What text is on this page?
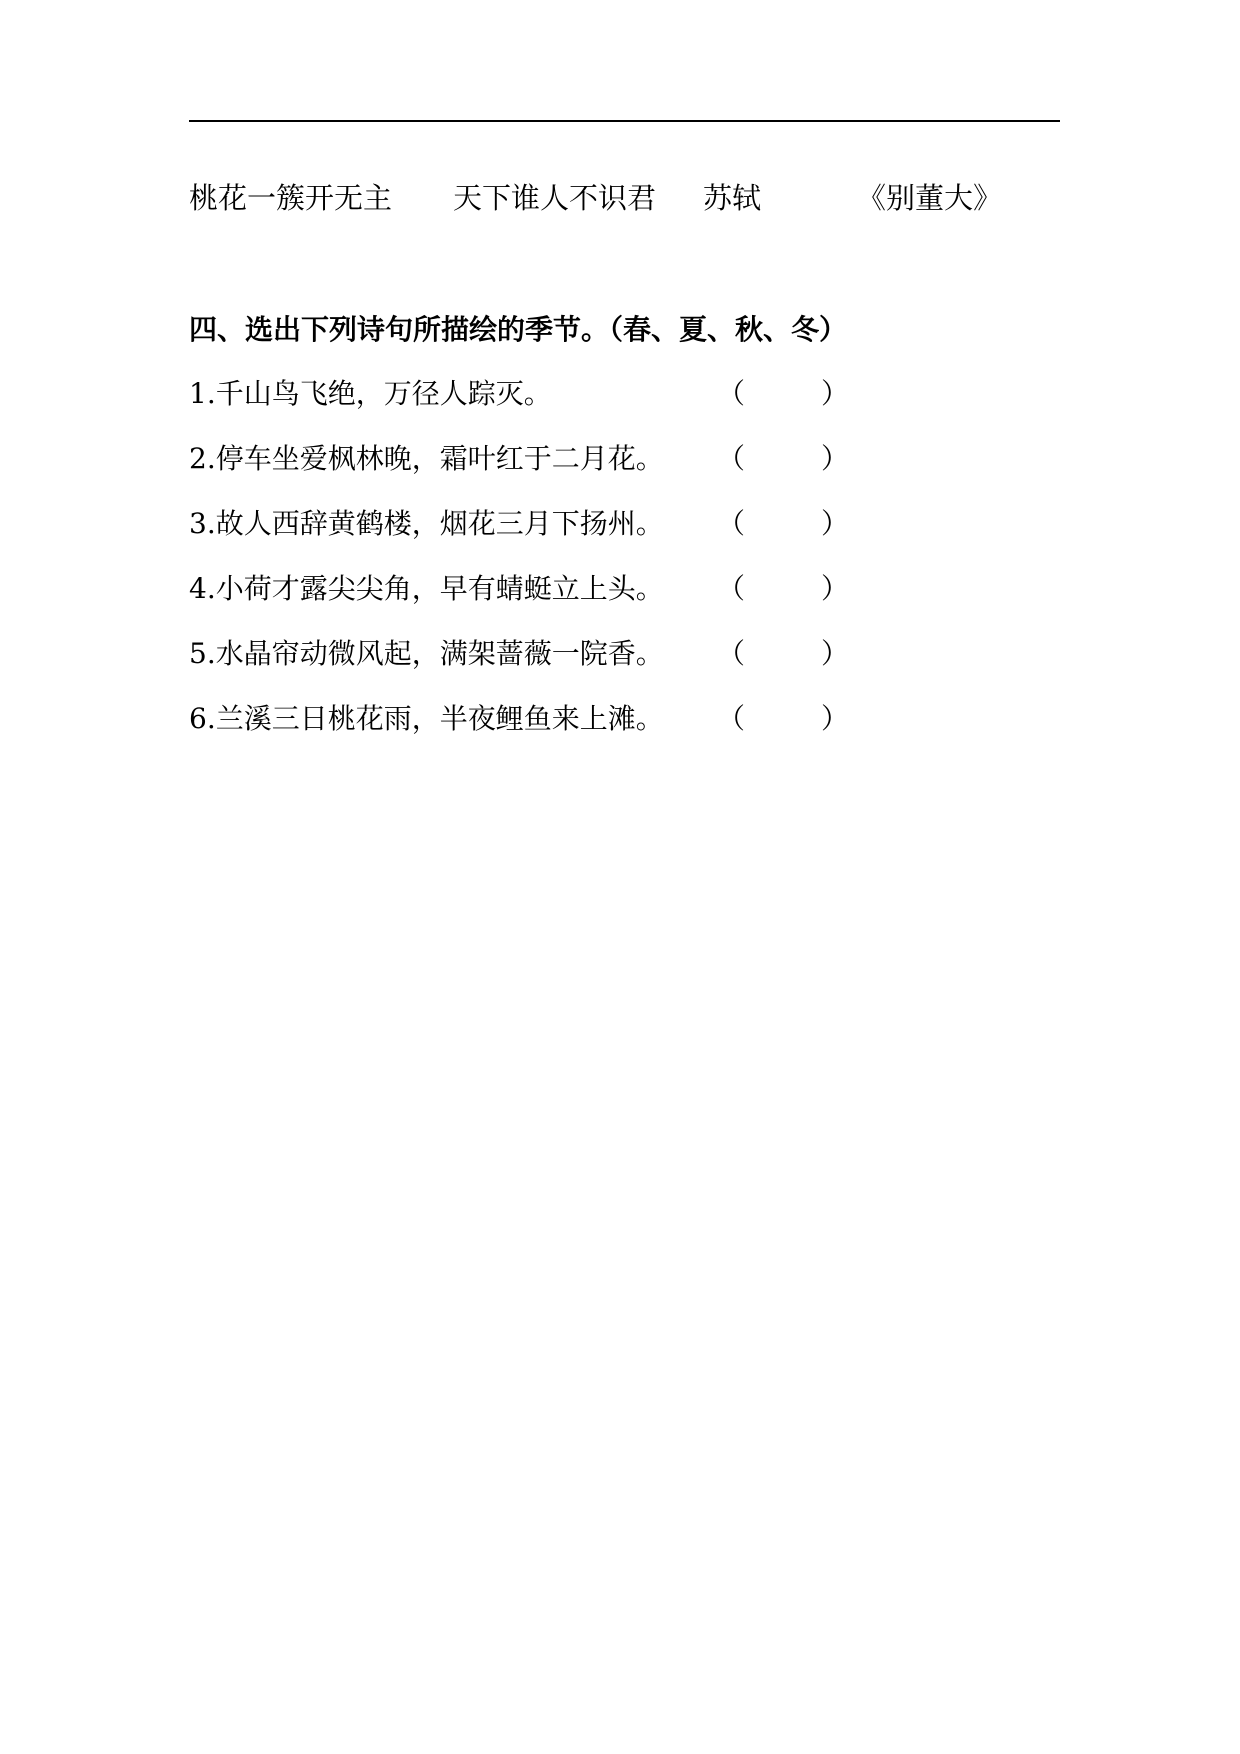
桃花一簇开无主 天下谁人不识君 苏轼	《别董大》
四、选出下列诗句所描绘的季节。（春、夏、秋、冬）
1.千山鸟飞绝，万径人踪灭。	（	）
2.停车坐爱枫林晚，霜叶红于二月花。 （	）
3.故人西辞黄鹤楼，烟花三月下扬州。 （	）
4.小荷才露尖尖角，早有蜻蜓立上头。 （	）
5.水晶帘动微风起，满架蔷薇一院香。 （	）
6.兰溪三日桃花雨，半夜鲤鱼来上滩。 （	）
